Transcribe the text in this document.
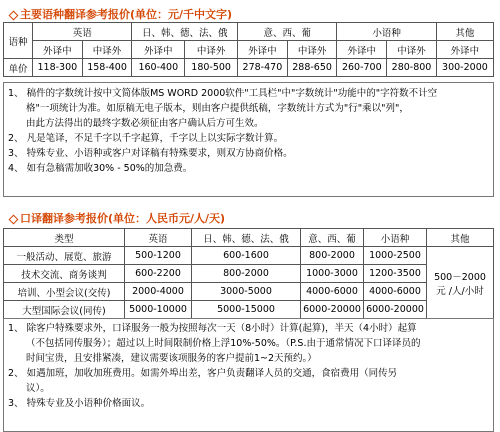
主要语种翻译参考报价(单位：元/千中文字)
语种	英语		日、韩、德、法、俄		意、西、葡		小语种		其他
	外译中	中译外	外译中	中译外	外译中	中译外	外译中	中译外	外译中
单价	118-300	158-400	160-400	180-500	278-470	288-650	260-700	280-800	300-2000
1、 稿件的字数统计按中文简体版MS WORD 2000软件"工具栏"中"字数统计"功能中的"字符数不计空
格"一项统计为准。如原稿无电子版本，则由客户提供纸稿，字数统计方式为"行"乘以"列"，
由此方法得出的最终字数必须征由客户确认后方可生效。
2、 凡是笔译，不足千字以千字起算，千字以上以实际字数计算。
3、 特殊专业、小语种或客户对译稿有特殊要求，则双方协商价格。
4、 如有急稿需加收30% - 50%的加急费。
口译翻译参考报价(单位：人民币元/人/天)
类型	英语	日、韩、德、法、俄	意、西、葡	小语种	其他
一般活动、展览、旅游	500-1200	600-1600	800-2000	1000-2500	500－2000
元 /人/小时

技术交流、商务谈判	600-2200	800-2000	1000-3000	1200-3500	
培训、小型会议(交传)	2000-4000	3000-5000	4000-6000	4000-6000	
大型国际会议(同传)	5000-10000	5000-15000	6000-20000	6000-20000	
1、 除客户特殊要求外，口译服务一般为按照每次一天（8小时）计算(起算)，半天（4小时）起算
（不包括同传服务）；超过以上时间限制价格上浮10%-50%。（P.S.由于通常情况下口译译员的
时间宝贵，且安排紧凑，建议需要该项服务的客户提前1~2天预约。）
2、 如遇加班，加收加班费用。如需外埠出差，客户负责翻译人员的交通，食宿费用（同传另
议）。
3、 特殊专业及小语种价格面议。
